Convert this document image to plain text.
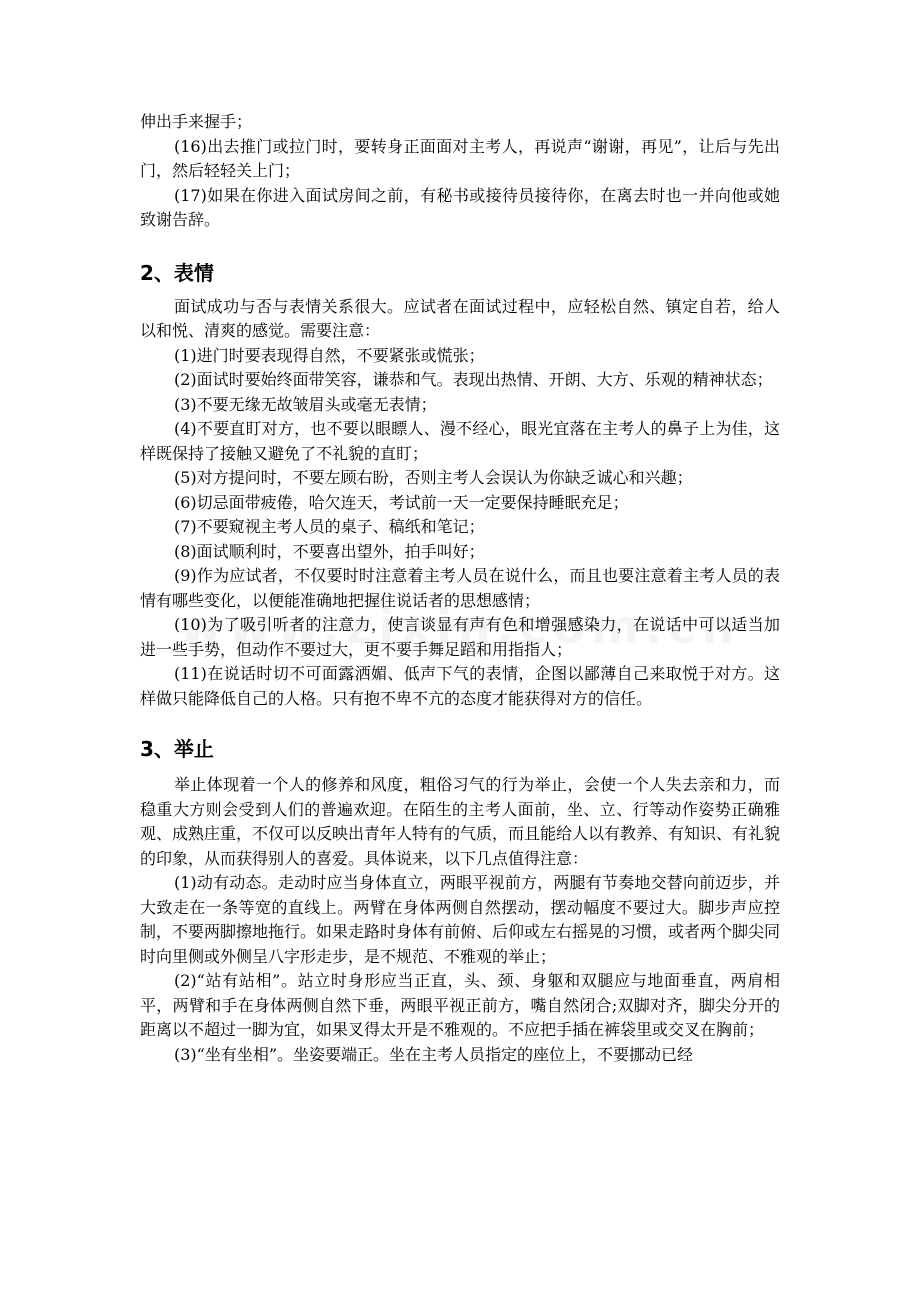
伸出手来握手；

(16)出去推门或拉门时，要转身正面面对主考人，再说声“谢谢，再见”，让后与先出门，然后轻轻关上门；

(17)如果在你进入面试房间之前，有秘书或接待员接待你，在离去时也一并向他或她致谢告辞。

2、表情

面试成功与否与表情关系很大。应试者在面试过程中，应轻松自然、镇定自若，给人以和悦、清爽的感觉。需要注意：

(1)进门时要表现得自然，不要紧张或慌张；

(2)面试时要始终面带笑容，谦恭和气。表现出热情、开朗、大方、乐观的精神状态；

(3)不要无缘无故皱眉头或毫无表情；

(4)不要直盯对方，也不要以眼瞟人、漫不经心，眼光宜落在主考人的鼻子上为佳，这样既保持了接触又避免了不礼貌的直盯；

(5)对方提问时，不要左顾右盼，否则主考人会误认为你缺乏诚心和兴趣；

(6)切忌面带疲倦，哈欠连天，考试前一天一定要保持睡眠充足；

(7)不要窥视主考人员的桌子、稿纸和笔记；

(8)面试顺利时，不要喜出望外，拍手叫好；

(9)作为应试者，不仅要时时注意着主考人员在说什么，而且也要注意着主考人员的表情有哪些变化，以便能准确地把握住说话者的思想感情；

(10)为了吸引听者的注意力，使言谈显有声有色和增强感染力，在说话中可以适当加进一些手势，但动作不要过大，更不要手舞足蹈和用指指人；

(11)在说话时切不可面露洒媚、低声下气的表情，企图以鄙薄自己来取悦于对方。这样做只能降低自己的人格。只有抱不卑不亢的态度才能获得对方的信任。

3、举止

举止体现着一个人的修养和风度，粗俗习气的行为举止，会使一个人失去亲和力，而稳重大方则会受到人们的普遍欢迎。在陌生的主考人面前，坐、立、行等动作姿势正确雅观、成熟庄重，不仅可以反映出青年人特有的气质，而且能给人以有教养、有知识、有礼貌的印象，从而获得别人的喜爱。具体说来，以下几点值得注意：

(1)动有动态。走动时应当身体直立，两眼平视前方，两腿有节奏地交替向前迈步，并大致走在一条等宽的直线上。两臂在身体两侧自然摆动，摆动幅度不要过大。脚步声应控制，不要两脚擦地拖行。如果走路时身体有前俯、后仰或左右摇晃的习惯，或者两个脚尖同时向里侧或外侧呈八字形走步，是不规范、不雅观的举止；

(2)“站有站相”。站立时身形应当正直，头、颈、身躯和双腿应与地面垂直，两肩相平，两臂和手在身体两侧自然下垂，两眼平视正前方，嘴自然闭合;双脚对齐，脚尖分开的距离以不超过一脚为宜，如果叉得太开是不雅观的。不应把手插在裤袋里或交叉在胸前；

(3)“坐有坐相”。坐姿要端正。坐在主考人员指定的座位上，不要挪动已经
